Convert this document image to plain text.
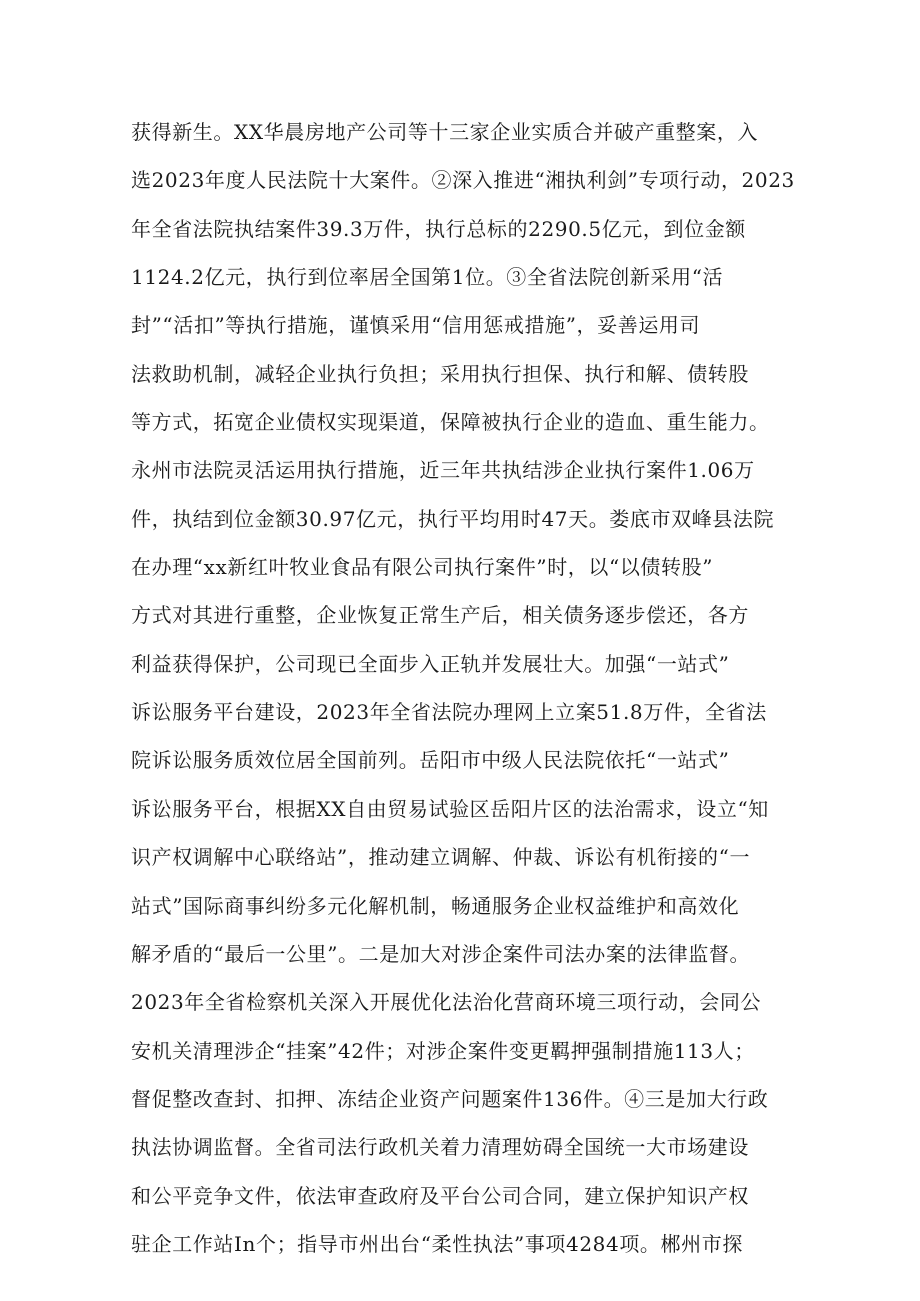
获得新生。XX华晨房地产公司等十三家企业实质合并破产重整案，入
选2023年度人民法院十大案件。②深入推进“湘执利剑”专项行动，2023
年全省法院执结案件39.3万件，执行总标的2290.5亿元，到位金额
1124.2亿元，执行到位率居全国第1位。③全省法院创新采用“活
封”“活扣”等执行措施，谨慎采用“信用惩戒措施”，妥善运用司
法救助机制，减轻企业执行负担；采用执行担保、执行和解、债转股
等方式，拓宽企业债权实现渠道，保障被执行企业的造血、重生能力。
永州市法院灵活运用执行措施，近三年共执结涉企业执行案件1.06万
件，执结到位金额30.97亿元，执行平均用时47天。娄底市双峰县法院
在办理“xx新红叶牧业食品有限公司执行案件”时，以“以债转股”
方式对其进行重整，企业恢复正常生产后，相关债务逐步偿还，各方
利益获得保护，公司现已全面步入正轨并发展壮大。加强“一站式”
诉讼服务平台建设，2023年全省法院办理网上立案51.8万件，全省法
院诉讼服务质效位居全国前列。岳阳市中级人民法院依托“一站式”
诉讼服务平台，根据XX自由贸易试验区岳阳片区的法治需求，设立“知
识产权调解中心联络站”，推动建立调解、仲裁、诉讼有机衔接的“一
站式”国际商事纠纷多元化解机制，畅通服务企业权益维护和高效化
解矛盾的“最后一公里”。二是加大对涉企案件司法办案的法律监督。
2023年全省检察机关深入开展优化法治化营商环境三项行动，会同公
安机关清理涉企“挂案”42件；对涉企案件变更羁押强制措施113人；
督促整改查封、扣押、冻结企业资产问题案件136件。④三是加大行政
执法协调监督。全省司法行政机关着力清理妨碍全国统一大市场建设
和公平竞争文件，依法审查政府及平台公司合同，建立保护知识产权
驻企工作站In个；指导市州出台“柔性执法”事项4284项。郴州市探
